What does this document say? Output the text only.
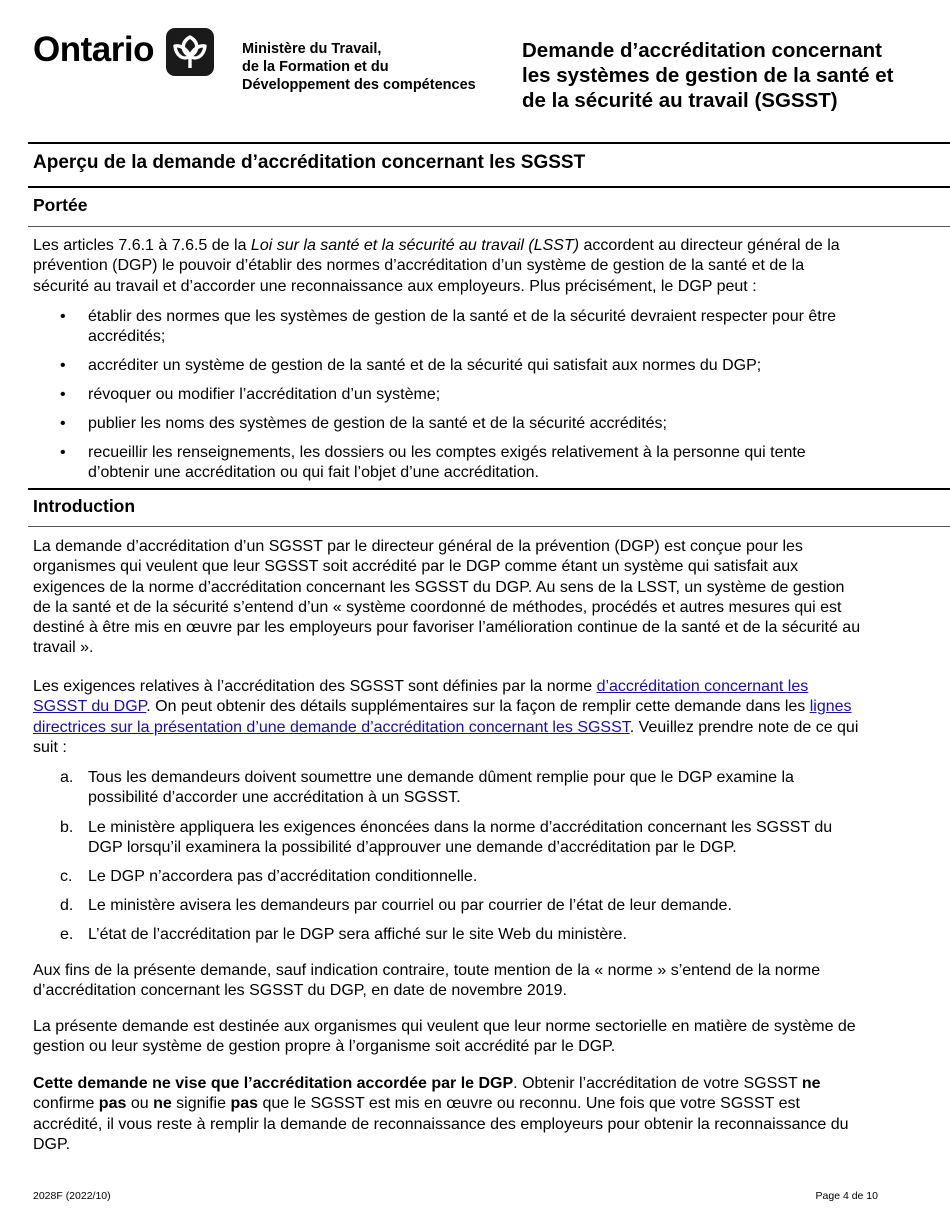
Ontario	Ministère du Travail,
de la Formation et du
Développement des compétences
Demande d’accréditation concernant
les systèmes de gestion de la santé et
de la sécurité au travail (SGSST)
Aperçu de la demande d’accréditation concernant les SGSST
Portée
Les articles 7.6.1 à 7.6.5 de la Loi sur la santé et la sécurité au travail (LSST) accordent au directeur général de la
prévention (DGP) le pouvoir d’établir des normes d’accréditation d’un système de gestion de la santé et de la
sécurité au travail et d’accorder une reconnaissance aux employeurs. Plus précisément, le DGP peut :
• établir des normes que les systèmes de gestion de la santé et de la sécurité devraient respecter pour être
accrédités;
• accréditer un système de gestion de la santé et de la sécurité qui satisfait aux normes du DGP;
• révoquer ou modifier l’accréditation d’un système;
• publier les noms des systèmes de gestion de la santé et de la sécurité accrédités;
• recueillir les renseignements, les dossiers ou les comptes exigés relativement à la personne qui tente
d’obtenir une accréditation ou qui fait l’objet d’une accréditation.
Introduction
La demande d’accréditation d’un SGSST par le directeur général de la prévention (DGP) est conçue pour les
organismes qui veulent que leur SGSST soit accrédité par le DGP comme étant un système qui satisfait aux
exigences de la norme d’accréditation concernant les SGSST du DGP. Au sens de la LSST, un système de gestion
de la santé et de la sécurité s’entend d’un « système coordonné de méthodes, procédés et autres mesures qui est
destiné à être mis en œuvre par les employeurs pour favoriser l’amélioration continue de la santé et de la sécurité au
travail ».
Les exigences relatives à l’accréditation des SGSST sont définies par la norme d’accréditation concernant les
SGSST du DGP. On peut obtenir des détails supplémentaires sur la façon de remplir cette demande dans les lignes
directrices sur la présentation d’une demande d’accréditation concernant les SGSST. Veuillez prendre note de ce qui
suit :
a. Tous les demandeurs doivent soumettre une demande dûment remplie pour que le DGP examine la
possibilité d’accorder une accréditation à un SGSST.
b. Le ministère appliquera les exigences énoncées dans la norme d’accréditation concernant les SGSST du
DGP lorsqu’il examinera la possibilité d’approuver une demande d’accréditation par le DGP.
c. Le DGP n’accordera pas d’accréditation conditionnelle.
d. Le ministère avisera les demandeurs par courriel ou par courrier de l’état de leur demande.
e. L’état de l’accréditation par le DGP sera affiché sur le site Web du ministère.
Aux fins de la présente demande, sauf indication contraire, toute mention de la « norme » s’entend de la norme
d’accréditation concernant les SGSST du DGP, en date de novembre 2019.
La présente demande est destinée aux organismes qui veulent que leur norme sectorielle en matière de système de
gestion ou leur système de gestion propre à l’organisme soit accrédité par le DGP.
Cette demande ne vise que l’accréditation accordée par le DGP. Obtenir l’accréditation de votre SGSST ne
confirme pas ou ne signifie pas que le SGSST est mis en œuvre ou reconnu. Une fois que votre SGSST est
accrédité, il vous reste à remplir la demande de reconnaissance des employeurs pour obtenir la reconnaissance du
DGP.
2028F (2022/10)	Page 4 de 10
